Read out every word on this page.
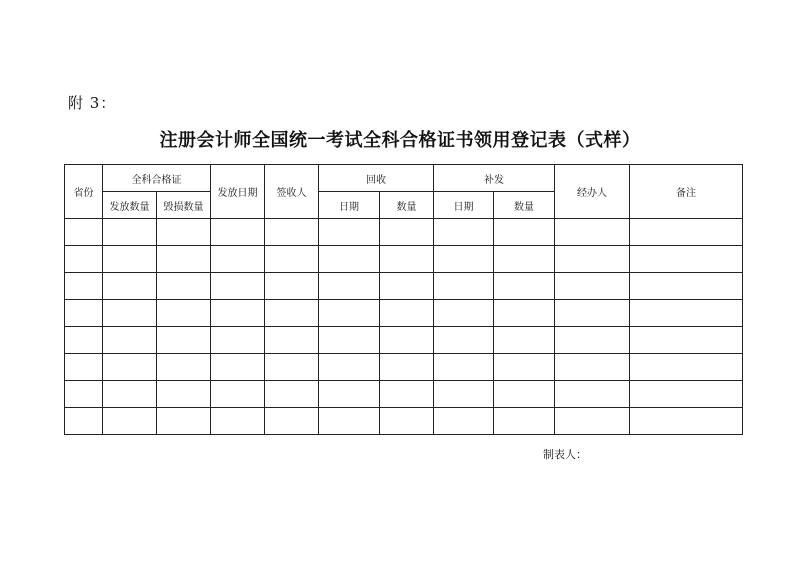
附 3：
注册会计师全国统一考试全科合格证书领用登记表（式样）
省份	全科合格证		发放日期	签收人	回收		补发		经办人	备注
	发放数量	毁损数量			日期	数量	日期	数量		

制表人：
